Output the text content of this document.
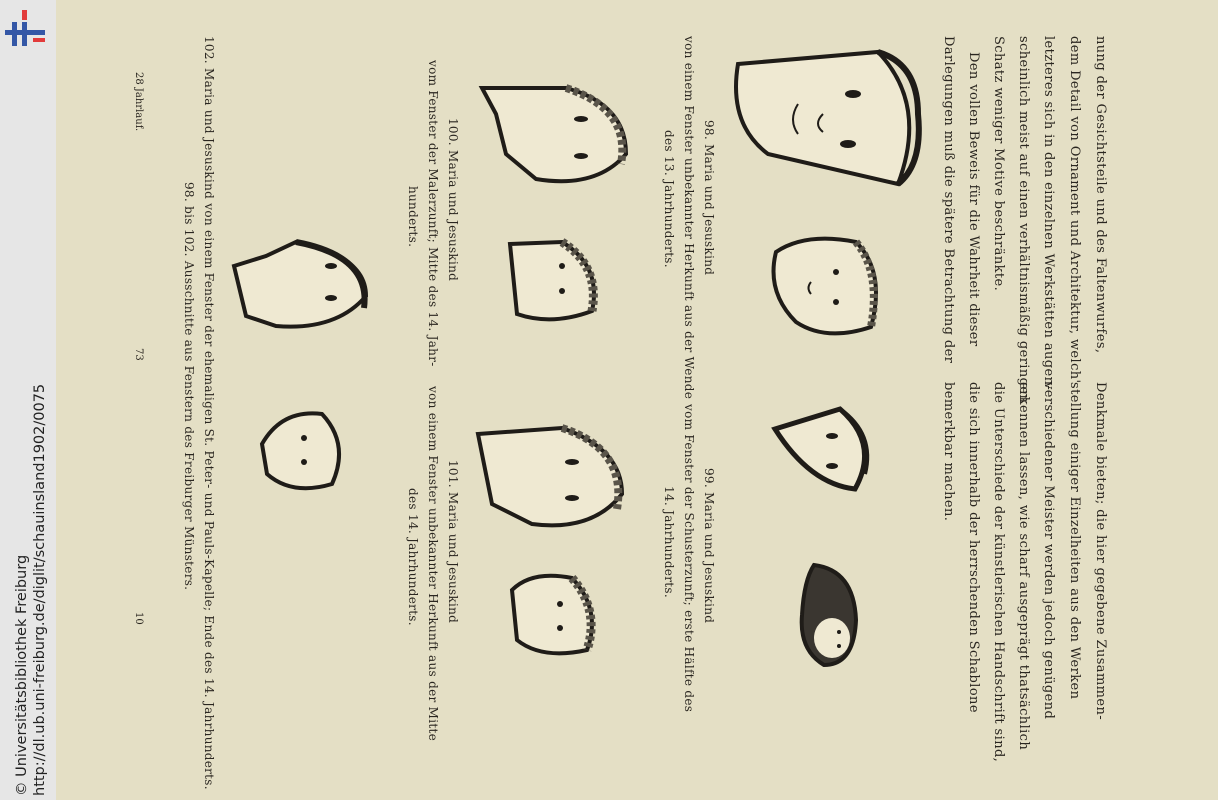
http://dl.ub.uni-freiburg.de/diglit/schauinsland1902/0075
© Universitätsbibliothek Freiburg
nung der Gesichtsteile und des Faltenwurfes,
dem Detail von Ornament und Architektur, welch'
letzteres sich in den einzelnen Werkstätten augen-
scheinlich meist auf einen verhältnismäßig geringen
Schatz weniger Motive beschränkte.
Den vollen Beweis für die Wahrheit dieser
Darlegungen muß die spätere Betrachtung der
Denkmale bieten; die hier gegebene Zusammen-
stellung einiger Einzelheiten aus den Werken
verschiedener Meister werden jedoch genügend
erkennen lassen, wie scharf ausgeprägt thatsächlich
die Unterschiede der künstlerischen Handschrift sind,
die sich innerhalb der herrschenden Schablone
bemerkbar machen.
98. Maria und Jesuskind
von einem Fenster unbekannter Herkunft aus der Wende
des 13. Jahrhunderts.
99. Maria und Jesuskind
vom Fenster der Schusterzunft; erste Hälfte des
14. Jahrhunderts.
100. Maria und Jesuskind
vom Fenster der Malerzunft; Mitte des 14. Jahr-
hunderts.
101. Maria und Jesuskind
von einem Fenster unbekannter Herkunft aus der Mitte
des 14. Jahrhunderts.
102. Maria und Jesuskind von einem Fenster der ehemaligen St. Peter- und Pauls-Kapelle; Ende des 14. Jahrhunderts.
98. bis 102. Ausschnitte aus Fenstern des Freiburger Münsters.
28 Jahrlauf.
73
10
